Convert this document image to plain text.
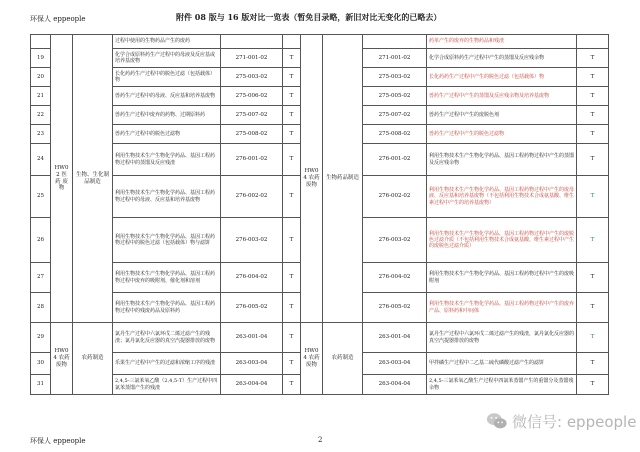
环保人 eppeople	附件 08 版与 16 版对比一览表（暂免目录略，新旧对比无变化的已略去）
	HW0 2 医 药 废 物	生物、生化制品制造	过程中使用的生物药品产生的废药			HW0 4 农药废物	生物药品制造		药单产生的废弃的生物药品和残渣	
19			化学合成原料药生产过程中的母液及反应基或培养基废物	271-001-02	T			271-001-02	化学合成原料药生产过程中产生的蒸馏及反应残余物	T
20			长化药药生产过程中的脱色过滤（包括载体）物	275-003-02	T			275-003-02	长化药药生产过程中产生的脱色过滤（包括载体）物	T
21			兽药生产过程中的母液、反应基和培养基废物	275-006-02	T			275-005-02	兽药生产过程中产生的蒸馏及反应残余物及培养基废物	T
22			兽药生产过程中废弃的药物、过期原料药	275-007-02	T			275-007-02	兽药生产过程中产生的废脱色剂	T
23			兽药生产过程中的脱色过滤物	275-008-02	T			275-008-02	兽药生产过程中产生的脱色过滤物	T
24			利用生物技术生产生物化学药品、基因工程药物过程中的蒸馏及反应残渣	276-001-02	T			276-001-02	利用生物技术生产生物化学药品、基因工程药物过程中产生的蒸馏及反应残余物	T
25			利用生物技术生产生物化学药品、基因工程药物过程中的母液、反应基和培养基废物	276-002-02	T			276-002-02	利用生物技术生产生物化学药品、基因工程药物过程中产生的废母液、反应基和培养基废物（不包括利用生物技术合成氨基酸、维生素过程中产生的培养基废物）	T
26			利用生物技术生产生物化学药品、基因工程药物过程中的脱色过滤（包括载体）物与滤饼	276-003-02	T			276-003-02	利用生物技术生产生物化学药品、基因工程药物过程中产生的废脱色过滤介质（不包括利用生物技术合成氨基酸、维生素过程中产生的废脱色过滤介质）	T
27			利用生物技术生产生物化学药品、基因工程药物过程中废弃的吸附剂、催化剂和溶剂	276-004-02	T			276-004-02	利用生物技术生产生物化学药品、基因工程药物过程中产生的废吸附剂	T
28			利用生物技术生产生物化学药品、基因工程药物过程中的残废药品及原料药	276-005-02	T			276-005-02	利用生物技术生产生物化学药品、基因工程药物过程中产生的废弃产品、原料药和中间体	T
29	HW0 4 农药废物	农药制造	氯丹生产过程中六氯环戊二烯过滤产生的残渣；氯丹氯化反应器的真空汽提器排放的废物	263-001-04	T	HW0 4 农药废物	农药制造	263-001-04	氯丹生产过程中六氯环戊二烯过滤产生的残渣，氯丹氯化反应器的真空汽提器排放的废物	T
30			乐果生产过程中产生的过滤和浓缩工序的残渣	263-003-04	T			263-003-04	甲拌磷生产过程中二乙基二硫代磷酸过滤产生的滤饼	T
31			2,4,5-三氯苯氧乙酸（2,4,5-T）生产过程中四氯苯蒸馏产生的残渣	263-004-04	T			263-004-04	2,4,5-三氯苯氧乙酸生产过程中四氯苯蒸馏产生的重馏分及蒸馏残余物	T
环保人 eppeople	2
微信号: eppeople
